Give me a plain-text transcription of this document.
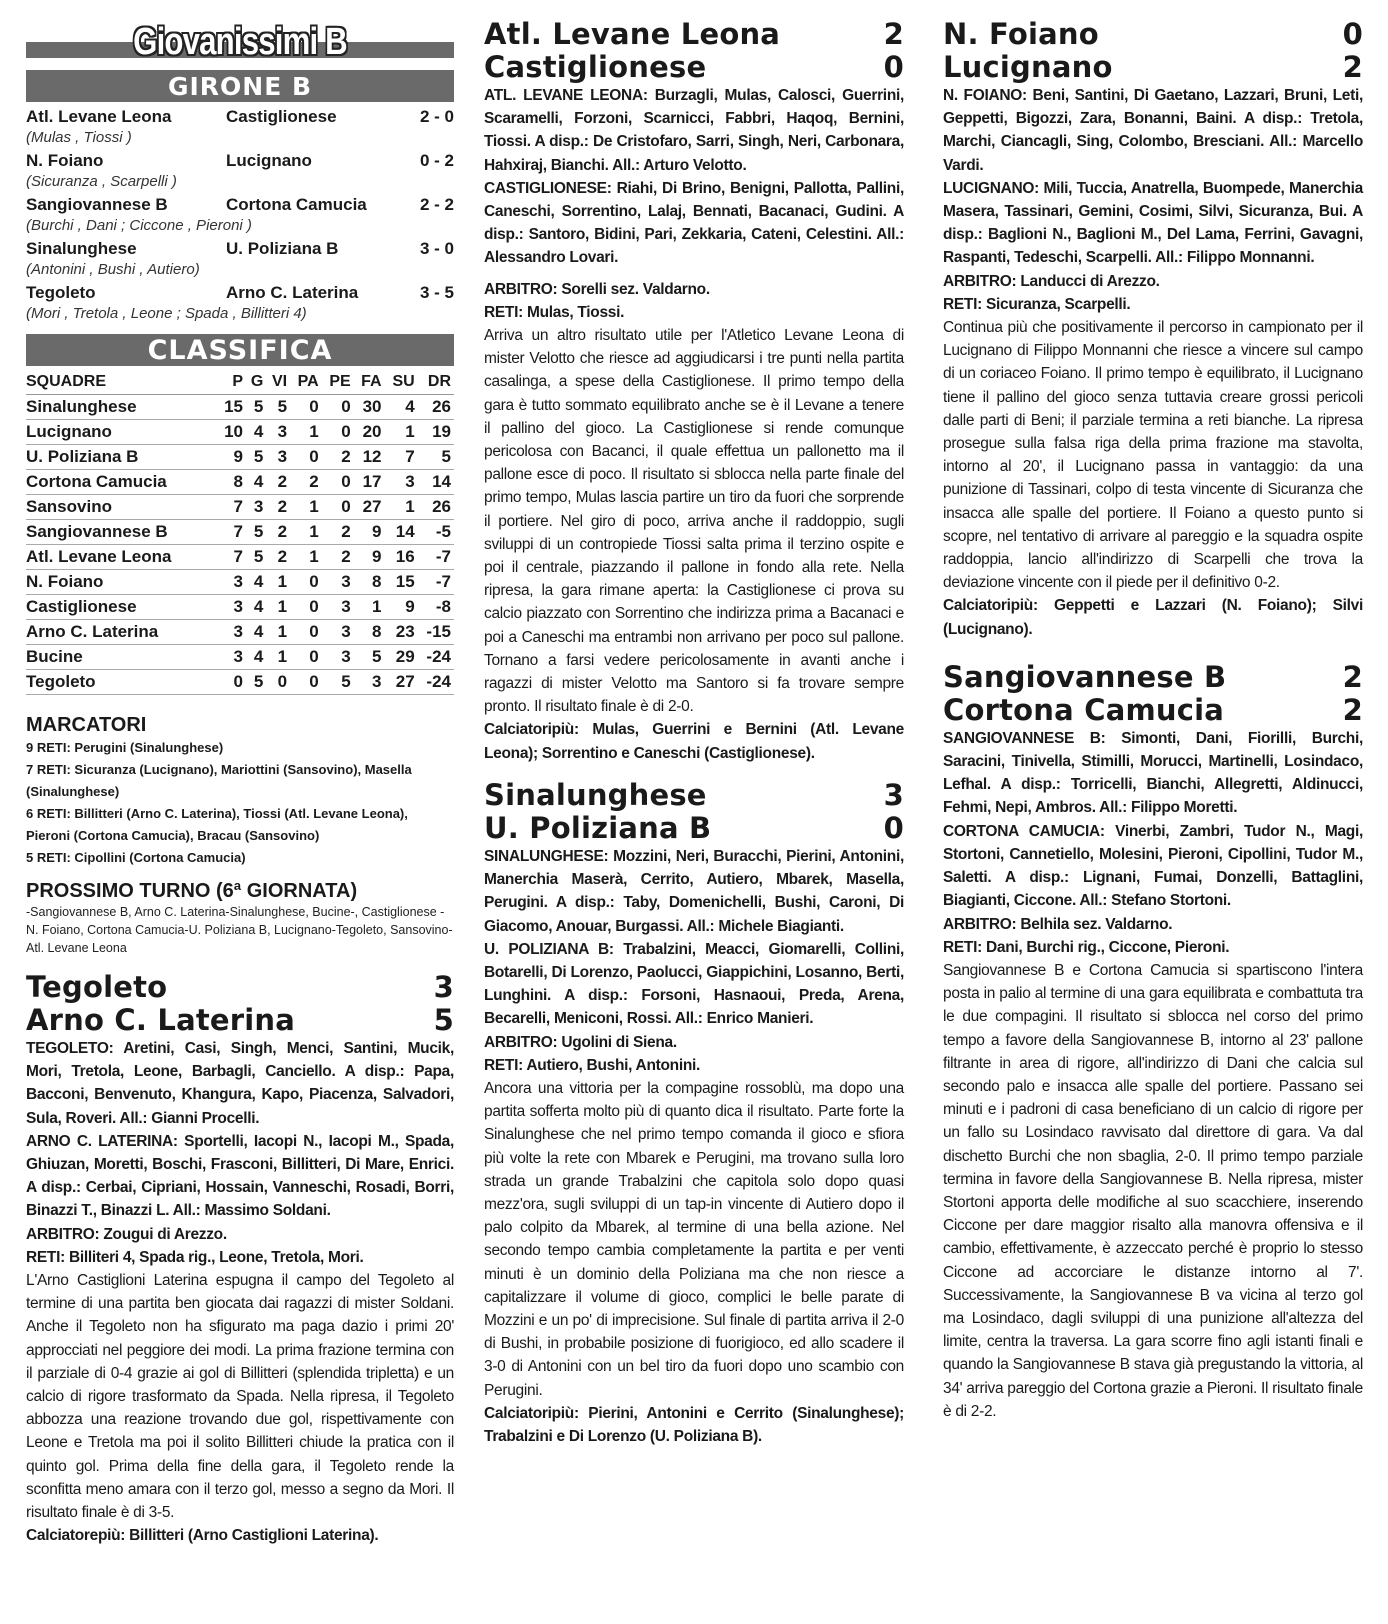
Giovanissimi B
GIRONE B
Atl. Levane Leona	Castiglionese	2 - 0
(Mulas , Tiossi )
N. Foiano	Lucignano	0 - 2
(Sicuranza , Scarpelli )
Sangiovannese B	Cortona Camucia	2 - 2
(Burchi , Dani ; Ciccone , Pieroni )
Sinalunghese	U. Poliziana B	3 - 0
(Antonini , Bushi , Autiero)
Tegoleto	Arno C. Laterina	3 - 5
(Mori , Tretola , Leone ; Spada , Billitteri 4)
CLASSIFICA
SQUADRE	P	G	VI	PA	PE	FA	SU	DR
Sinalunghese	15	5	5	0	0	30	4	26
Lucignano	10	4	3	1	0	20	1	19
U. Poliziana B	9	5	3	0	2	12	7	5
Cortona Camucia	8	4	2	2	0	17	3	14
Sansovino	7	3	2	1	0	27	1	26
Sangiovannese B	7	5	2	1	2	9	14	-5
Atl. Levane Leona	7	5	2	1	2	9	16	-7
N. Foiano	3	4	1	0	3	8	15	-7
Castiglionese	3	4	1	0	3	1	9	-8
Arno C. Laterina	3	4	1	0	3	8	23	-15
Bucine	3	4	1	0	3	5	29	-24
Tegoleto	0	5	0	0	5	3	27	-24
MARCATORI
9 RETI: Perugini (Sinalunghese)
7 RETI: Sicuranza (Lucignano), Mariottini (Sansovino), Masella (Sinalunghese)
6 RETI: Billitteri (Arno C. Laterina), Tiossi (Atl. Levane Leona), Pieroni (Cortona Camucia), Bracau (Sansovino)
5 RETI: Cipollini (Cortona Camucia)
PROSSIMO TURNO (6ª GIORNATA)
-Sangiovannese B, Arno C. Laterina-Sinalunghese, Bucine-, Castiglionese -N. Foiano, Cortona Camucia-U. Poliziana B, Lucignano-Tegoleto, Sansovino-Atl. Levane Leona
Tegoleto	3
Arno C. Laterina	5
TEGOLETO: Aretini, Casi, Singh, Menci, Santini, Mucik, Mori, Tretola, Leone, Barbagli, Canciello. A disp.: Papa, Bacconi, Benvenuto, Khangura, Kapo, Piacenza, Salvadori, Sula, Roveri. All.: Gianni Procelli.
ARNO C. LATERINA: Sportelli, Iacopi N., Iacopi M., Spada, Ghiuzan, Moretti, Boschi, Frasconi, Billitteri, Di Mare, Enrici. A disp.: Cerbai, Cipriani, Hossain, Vanneschi, Rosadi, Borri, Binazzi T., Binazzi L. All.: Massimo Soldani.
ARBITRO: Zougui di Arezzo.
RETI: Billiteri 4, Spada rig., Leone, Tretola, Mori.
L'Arno Castiglioni Laterina espugna il campo del Tegoleto al termine di una partita ben giocata dai ragazzi di mister Soldani. Anche il Tegoleto non ha sfigurato ma paga dazio i primi 20' approcciati nel peggiore dei modi. La prima frazione termina con il parziale di 0-4 grazie ai gol di Billitteri (splendida tripletta) e un calcio di rigore trasformato da Spada. Nella ripresa, il Tegoleto abbozza una reazione trovando due gol, rispettivamente con Leone e Tretola ma poi il solito Billitteri chiude la pratica con il quinto gol. Prima della fine della gara, il Tegoleto rende la sconfitta meno amara con il terzo gol, messo a segno da Mori. Il risultato finale è di 3-5.
Calciatorepiù: Billitteri (Arno Castiglioni Laterina).
Atl. Levane Leona	2
Castiglionese	0
ATL. LEVANE LEONA: Burzagli, Mulas, Calosci, Guerrini, Scaramelli, Forzoni, Scarnicci, Fabbri, Haqoq, Bernini, Tiossi. A disp.: De Cristofaro, Sarri, Singh, Neri, Carbonara, Hahxiraj, Bianchi. All.: Arturo Velotto.
CASTIGLIONESE: Riahi, Di Brino, Benigni, Pallotta, Pallini, Caneschi, Sorrentino, Lalaj, Bennati, Bacanaci, Gudini. A disp.: Santoro, Bidini, Pari, Zekkaria, Cateni, Celestini. All.: Alessandro Lovari.
ARBITRO: Sorelli sez. Valdarno.
RETI: Mulas, Tiossi.
Arriva un altro risultato utile per l'Atletico Levane Leona di mister Velotto che riesce ad aggiudicarsi i tre punti nella partita casalinga, a spese della Castiglionese. Il primo tempo della gara è tutto sommato equilibrato anche se è il Levane a tenere il pallino del gioco. La Castiglionese si rende comunque pericolosa con Bacanci, il quale effettua un pallonetto ma il pallone esce di poco. Il risultato si sblocca nella parte finale del primo tempo, Mulas lascia partire un tiro da fuori che sorprende il portiere. Nel giro di poco, arriva anche il raddoppio, sugli sviluppi di un contropiede Tiossi salta prima il terzino ospite e poi il centrale, piazzando il pallone in fondo alla rete. Nella ripresa, la gara rimane aperta: la Castiglionese ci prova su calcio piazzato con Sorrentino che indirizza prima a Bacanaci e poi a Caneschi ma entrambi non arrivano per poco sul pallone. Tornano a farsi vedere pericolosamente in avanti anche i ragazzi di mister Velotto ma Santoro si fa trovare sempre pronto. Il risultato finale è di 2-0.
Calciatoripiù: Mulas, Guerrini e Bernini (Atl. Levane Leona); Sorrentino e Caneschi (Castiglionese).
Sinalunghese	3
U. Poliziana B	0
SINALUNGHESE: Mozzini, Neri, Buracchi, Pierini, Antonini, Manerchia Maserà, Cerrito, Autiero, Mbarek, Masella, Perugini. A disp.: Taby, Domenichelli, Bushi, Caroni, Di Giacomo, Anouar, Burgassi. All.: Michele Biagianti.
U. POLIZIANA B: Trabalzini, Meacci, Giomarelli, Collini, Botarelli, Di Lorenzo, Paolucci, Giappichini, Losanno, Berti, Lunghini. A disp.: Forsoni, Hasnaoui, Preda, Arena, Becarelli, Meniconi, Rossi. All.: Enrico Manieri.
ARBITRO: Ugolini di Siena.
RETI: Autiero, Bushi, Antonini.
Ancora una vittoria per la compagine rossoblù, ma dopo una partita sofferta molto più di quanto dica il risultato. Parte forte la Sinalunghese che nel primo tempo comanda il gioco e sfiora più volte la rete con Mbarek e Perugini, ma trovano sulla loro strada un grande Trabalzini che capitola solo dopo quasi mezz'ora, sugli sviluppi di un tap-in vincente di Autiero dopo il palo colpito da Mbarek, al termine di una bella azione. Nel secondo tempo cambia completamente la partita e per venti minuti è un dominio della Poliziana ma che non riesce a capitalizzare il volume di gioco, complici le belle parate di Mozzini e un po' di imprecisione. Sul finale di partita arriva il 2-0 di Bushi, in probabile posizione di fuorigioco, ed allo scadere il 3-0 di Antonini con un bel tiro da fuori dopo uno scambio con Perugini.
Calciatoripiù: Pierini, Antonini e Cerrito (Sinalunghese); Trabalzini e Di Lorenzo (U. Poliziana B).
N. Foiano	0
Lucignano	2
N. FOIANO: Beni, Santini, Di Gaetano, Lazzari, Bruni, Leti, Geppetti, Bigozzi, Zara, Bonanni, Baini. A disp.: Tretola, Marchi, Ciancagli, Sing, Colombo, Bresciani. All.: Marcello Vardi.
LUCIGNANO: Mili, Tuccia, Anatrella, Buompede, Manerchia Masera, Tassinari, Gemini, Cosimi, Silvi, Sicuranza, Bui. A disp.: Baglioni N., Baglioni M., Del Lama, Ferrini, Gavagni, Raspanti, Tedeschi, Scarpelli. All.: Filippo Monnanni.
ARBITRO: Landucci di Arezzo.
RETI: Sicuranza, Scarpelli.
Continua più che positivamente il percorso in campionato per il Lucignano di Filippo Monnanni che riesce a vincere sul campo di un coriaceo Foiano. Il primo tempo è equilibrato, il Lucignano tiene il pallino del gioco senza tuttavia creare grossi pericoli dalle parti di Beni; il parziale termina a reti bianche. La ripresa prosegue sulla falsa riga della prima frazione ma stavolta, intorno al 20', il Lucignano passa in vantaggio: da una punizione di Tassinari, colpo di testa vincente di Sicuranza che insacca alle spalle del portiere. Il Foiano a questo punto si scopre, nel tentativo di arrivare al pareggio e la squadra ospite raddoppia, lancio all'indirizzo di Scarpelli che trova la deviazione vincente con il piede per il definitivo 0-2.
Calciatoripiù: Geppetti e Lazzari (N. Foiano); Silvi (Lucignano).
Sangiovannese B	2
Cortona Camucia	2
SANGIOVANNESE B: Simonti, Dani, Fiorilli, Burchi, Saracini, Tinivella, Stimilli, Morucci, Martinelli, Losindaco, Lefhal. A disp.: Torricelli, Bianchi, Allegretti, Aldinucci, Fehmi, Nepi, Ambros. All.: Filippo Moretti.
CORTONA CAMUCIA: Vinerbi, Zambri, Tudor N., Magi, Stortoni, Cannetiello, Molesini, Pieroni, Cipollini, Tudor M., Saletti. A disp.: Lignani, Fumai, Donzelli, Battaglini, Biagianti, Ciccone. All.: Stefano Stortoni.
ARBITRO: Belhila sez. Valdarno.
RETI: Dani, Burchi rig., Ciccone, Pieroni.
Sangiovannese B e Cortona Camucia si spartiscono l'intera posta in palio al termine di una gara equilibrata e combattuta tra le due compagini. Il risultato si sblocca nel corso del primo tempo a favore della Sangiovannese B, intorno al 23' pallone filtrante in area di rigore, all'indirizzo di Dani che calcia sul secondo palo e insacca alle spalle del portiere. Passano sei minuti e i padroni di casa beneficiano di un calcio di rigore per un fallo su Losindaco ravvisato dal direttore di gara. Va dal dischetto Burchi che non sbaglia, 2-0. Il primo tempo parziale termina in favore della Sangiovannese B. Nella ripresa, mister Stortoni apporta delle modifiche al suo scacchiere, inserendo Ciccone per dare maggior risalto alla manovra offensiva e il cambio, effettivamente, è azzeccato perché è proprio lo stesso Ciccone ad accorciare le distanze intorno al 7'. Successivamente, la Sangiovannese B va vicina al terzo gol ma Losindaco, dagli sviluppi di una punizione all'altezza del limite, centra la traversa. La gara scorre fino agli istanti finali e quando la Sangiovannese B stava già pregustando la vittoria, al 34' arriva pareggio del Cortona grazie a Pieroni. Il risultato finale è di 2-2.
